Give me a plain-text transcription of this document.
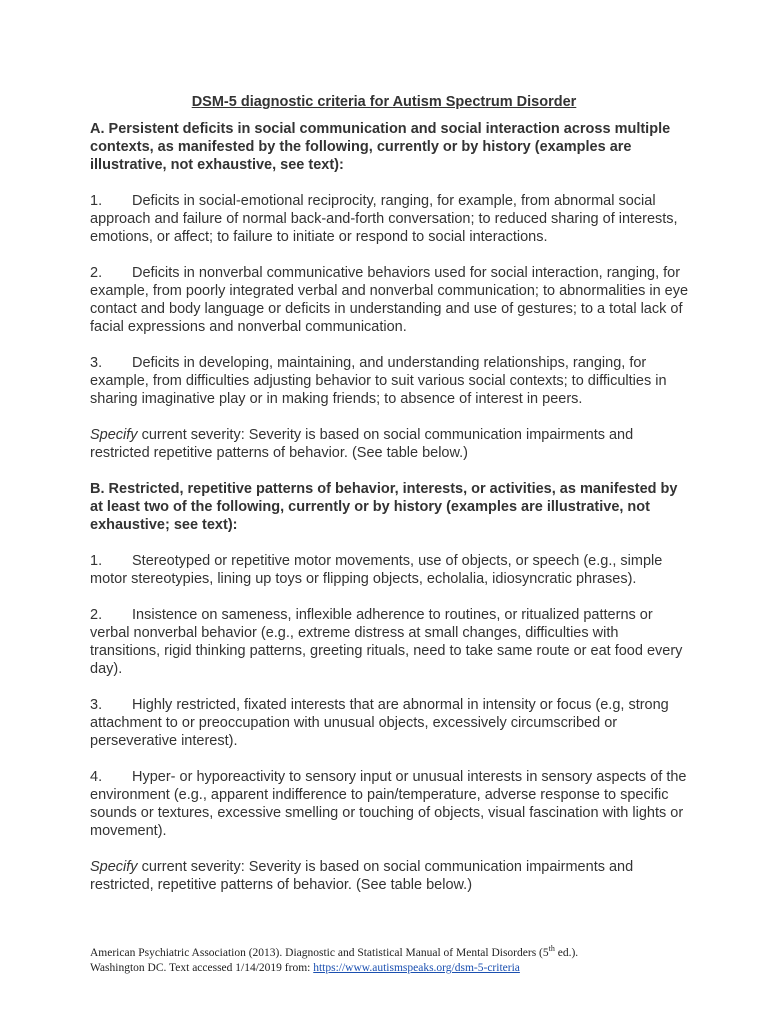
DSM-5 diagnostic criteria for Autism Spectrum Disorder

A. Persistent deficits in social communication and social interaction across multiple contexts, as manifested by the following, currently or by history (examples are illustrative, not exhaustive, see text):

1. Deficits in social-emotional reciprocity, ranging, for example, from abnormal social approach and failure of normal back-and-forth conversation; to reduced sharing of interests, emotions, or affect; to failure to initiate or respond to social interactions.

2. Deficits in nonverbal communicative behaviors used for social interaction, ranging, for example, from poorly integrated verbal and nonverbal communication; to abnormalities in eye contact and body language or deficits in understanding and use of gestures; to a total lack of facial expressions and nonverbal communication.

3. Deficits in developing, maintaining, and understanding relationships, ranging, for example, from difficulties adjusting behavior to suit various social contexts; to difficulties in sharing imaginative play or in making friends; to absence of interest in peers.

Specify current severity: Severity is based on social communication impairments and restricted repetitive patterns of behavior. (See table below.)

B. Restricted, repetitive patterns of behavior, interests, or activities, as manifested by at least two of the following, currently or by history (examples are illustrative, not exhaustive; see text):

1. Stereotyped or repetitive motor movements, use of objects, or speech (e.g., simple motor stereotypies, lining up toys or flipping objects, echolalia, idiosyncratic phrases).

2. Insistence on sameness, inflexible adherence to routines, or ritualized patterns or verbal nonverbal behavior (e.g., extreme distress at small changes, difficulties with transitions, rigid thinking patterns, greeting rituals, need to take same route or eat food every day).

3. Highly restricted, fixated interests that are abnormal in intensity or focus (e.g, strong attachment to or preoccupation with unusual objects, excessively circumscribed or perseverative interest).

4. Hyper- or hyporeactivity to sensory input or unusual interests in sensory aspects of the environment (e.g., apparent indifference to pain/temperature, adverse response to specific sounds or textures, excessive smelling or touching of objects, visual fascination with lights or movement).

Specify current severity: Severity is based on social communication impairments and restricted, repetitive patterns of behavior. (See table below.)

American Psychiatric Association (2013). Diagnostic and Statistical Manual of Mental Disorders (5th ed.).
Washington DC. Text accessed 1/14/2019 from: https://www.autismspeaks.org/dsm-5-criteria
